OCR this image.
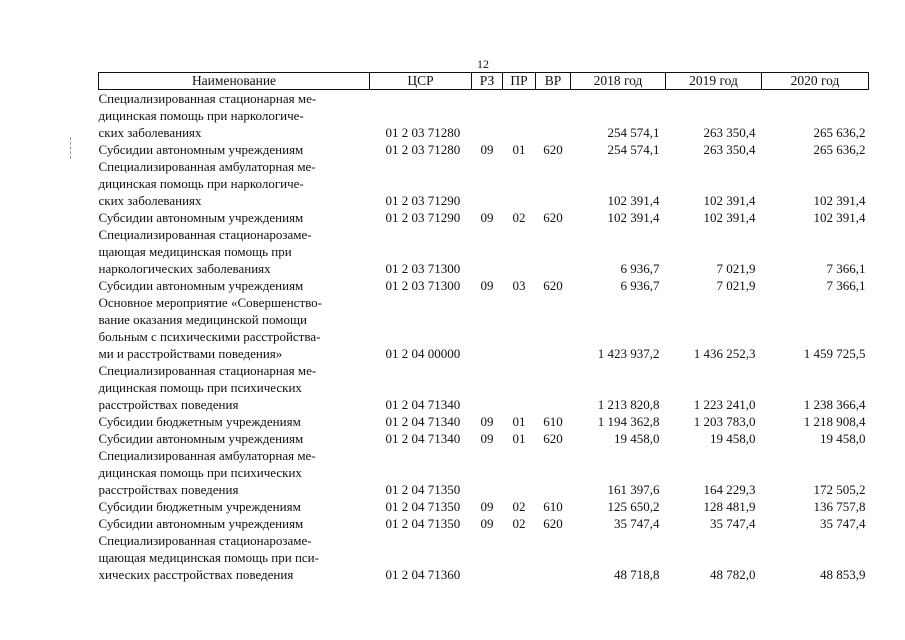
12
Наименование	ЦСР	РЗ	ПР	ВР	2018 год	2019 год	2020 год

Специализированная стационарная ме-
дицинская помощь при наркологиче-
ских заболеваниях	01 2 03 71280				254 574,1	263 350,4	265 636,2

Субсидии автономным учреждениям	01 2 03 71280	09	01	620	254 574,1	263 350,4	265 636,2

Специализированная амбулаторная ме-
дицинская помощь при наркологиче-
ских заболеваниях	01 2 03 71290				102 391,4	102 391,4	102 391,4

Субсидии автономным учреждениям	01 2 03 71290	09	02	620	102 391,4	102 391,4	102 391,4

Специализированная стационарозаме-
щающая медицинская помощь при
наркологических заболеваниях	01 2 03 71300				6 936,7	7 021,9	7 366,1

Субсидии автономным учреждениям	01 2 03 71300	09	03	620	6 936,7	7 021,9	7 366,1

Основное мероприятие «Совершенство-
вание оказания медицинской помощи
больным с психическими расстройства-
ми и расстройствами поведения»	01 2 04 00000				1 423 937,2	1 436 252,3	1 459 725,5

Специализированная стационарная ме-
дицинская помощь при психических
расстройствах поведения	01 2 04 71340				1 213 820,8	1 223 241,0	1 238 366,4

Субсидии бюджетным учреждениям	01 2 04 71340	09	01	610	1 194 362,8	1 203 783,0	1 218 908,4

Субсидии автономным учреждениям	01 2 04 71340	09	01	620	19 458,0	19 458,0	19 458,0

Специализированная амбулаторная ме-
дицинская помощь при психических
расстройствах поведения	01 2 04 71350				161 397,6	164 229,3	172 505,2

Субсидии бюджетным учреждениям	01 2 04 71350	09	02	610	125 650,2	128 481,9	136 757,8

Субсидии автономным учреждениям	01 2 04 71350	09	02	620	35 747,4	35 747,4	35 747,4

Специализированная стационарозаме-
щающая медицинская помощь при пси-
хических расстройствах поведения	01 2 04 71360				48 718,8	48 782,0	48 853,9
